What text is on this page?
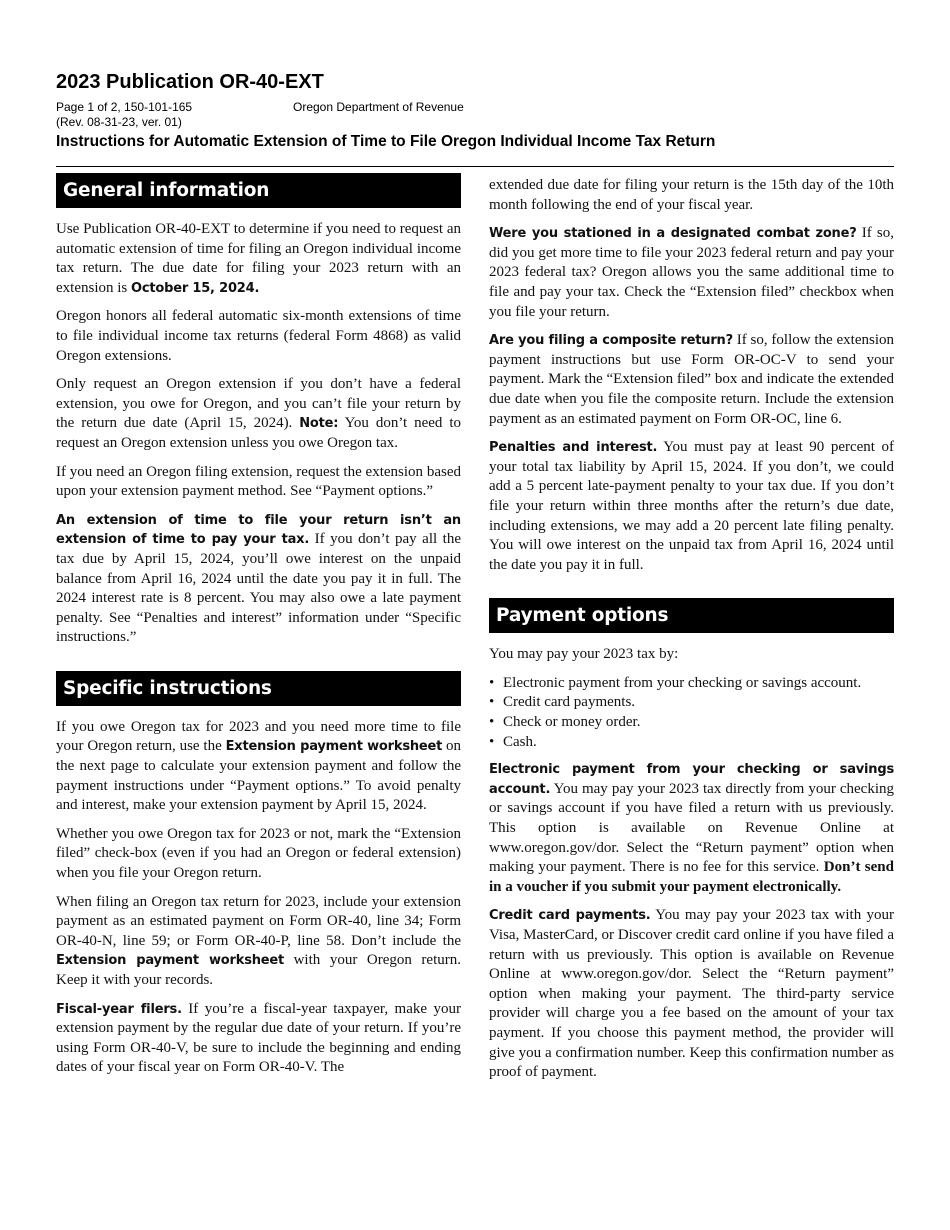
2023 Publication OR-40-EXT
Page 1 of 2, 150-101-165	Oregon Department of Revenue
(Rev. 08-31-23, ver. 01)
Instructions for Automatic Extension of Time to File Oregon Individual Income Tax Return
General information

Use Publication OR-40-EXT to determine if you need to request an automatic extension of time for filing an Oregon individual income tax return. The due date for filing your 2023 return with an extension is October 15, 2024.

Oregon honors all federal automatic six-month extensions of time to file individual income tax returns (federal Form 4868) as valid Oregon extensions.

Only request an Oregon extension if you don’t have a federal extension, you owe for Oregon, and you can’t file your return by the return due date (April 15, 2024). Note: You don’t need to request an Oregon extension unless you owe Oregon tax.

If you need an Oregon filing extension, request the extension based upon your extension payment method. See “Payment options.”

An extension of time to file your return isn’t an extension of time to pay your tax. If you don’t pay all the tax due by April 15, 2024, you’ll owe interest on the unpaid balance from April 16, 2024 until the date you pay it in full. The 2024 interest rate is 8 percent. You may also owe a late payment penalty. See “Penalties and interest” information under “Specific instructions.”

Specific instructions

If you owe Oregon tax for 2023 and you need more time to file your Oregon return, use the Extension payment worksheet on the next page to calculate your extension payment and follow the payment instructions under “Payment options.” To avoid penalty and interest, make your extension payment by April 15, 2024.

Whether you owe Oregon tax for 2023 or not, mark the “Extension filed” check-box (even if you had an Oregon or federal extension) when you file your Oregon return.

When filing an Oregon tax return for 2023, include your extension payment as an estimated payment on Form OR-40, line 34; Form OR-40-N, line 59; or Form OR-40-P, line 58. Don’t include the Extension payment worksheet with your Oregon return. Keep it with your records.

Fiscal-year filers. If you’re a fiscal-year taxpayer, make your extension payment by the regular due date of your return. If you’re using Form OR-40-V, be sure to include the beginning and ending dates of your fiscal year on Form OR-40-V. The

extended due date for filing your return is the 15th day of the 10th month following the end of your fiscal year.

Were you stationed in a designated combat zone? If so, did you get more time to file your 2023 federal return and pay your 2023 federal tax? Oregon allows you the same additional time to file and pay your tax. Check the “Extension filed” checkbox when you file your return.

Are you filing a composite return? If so, follow the extension payment instructions but use Form OR-OC-V to send your payment. Mark the “Extension filed” box and indicate the extended due date when you file the composite return. Include the extension payment as an estimated payment on Form OR-OC, line 6.

Penalties and interest. You must pay at least 90 percent of your total tax liability by April 15, 2024. If you don’t, we could add a 5 percent late-payment penalty to your tax due. If you don’t file your return within three months after the return’s due date, including extensions, we may add a 20 percent late filing penalty. You will owe interest on the unpaid tax from April 16, 2024 until the date you pay it in full.

Payment options

You may pay your 2023 tax by:

• Electronic payment from your checking or savings account.
• Credit card payments.
• Check or money order.
• Cash.

Electronic payment from your checking or savings account. You may pay your 2023 tax directly from your checking or savings account if you have filed a return with us previously. This option is available on Revenue Online at www.oregon.gov/dor. Select the “Return payment” option when making your payment. There is no fee for this service. Don’t send in a voucher if you submit your payment electronically.

Credit card payments. You may pay your 2023 tax with your Visa, MasterCard, or Discover credit card online if you have filed a return with us previously. This option is available on Revenue Online at www.oregon.gov/dor. Select the “Return payment” option when making your payment. The third-party service provider will charge you a fee based on the amount of your tax payment. If you choose this payment method, the provider will give you a confirmation number. Keep this confirmation number as proof of payment.
